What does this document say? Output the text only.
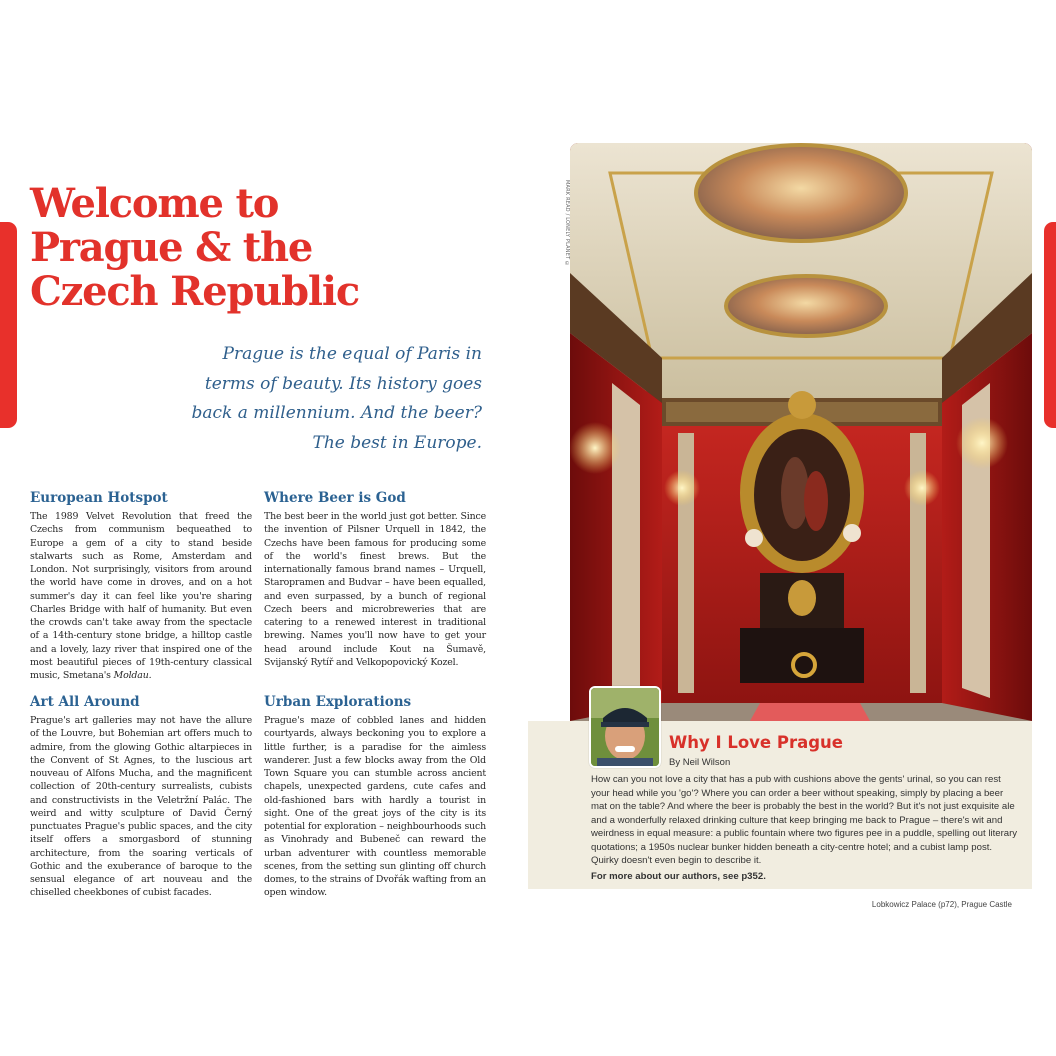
Welcome to
Prague & the
Czech Republic

Prague is the equal of Paris in
terms of beauty. Its history goes
back a millennium. And the beer?
The best in Europe.

European Hotspot

The 1989 Velvet Revolution that freed the Czechs from communism bequeathed to Europe a gem of a city to stand beside stalwarts such as Rome, Amsterdam and London. Not surprisingly, visitors from around the world have come in droves, and on a hot summer's day it can feel like you're sharing Charles Bridge with half of humanity. But even the crowds can't take away from the spectacle of a 14th-century stone bridge, a hilltop castle and a lovely, lazy river that inspired one of the most beautiful pieces of 19th-century classical music, Smetana's Moldau.

Where Beer is God

The best beer in the world just got better. Since the invention of Pilsner Urquell in 1842, the Czechs have been famous for producing some of the world's finest brews. But the internationally famous brand names – Urquell, Staropramen and Budvar – have been equalled, and even surpassed, by a bunch of regional Czech beers and microbreweries that are catering to a renewed interest in traditional brewing. Names you'll now have to get your head around include Kout na Šumavě, Svijanský Rytíř and Velkopopovický Kozel.

Art All Around

Prague's art galleries may not have the allure of the Louvre, but Bohemian art offers much to admire, from the glowing Gothic altarpieces in the Convent of St Agnes, to the luscious art nouveau of Alfons Mucha, and the magnificent collection of 20th-century surrealists, cubists and constructivists in the Veletržní Palác. The weird and witty sculpture of David Černý punctuates Prague's public spaces, and the city itself offers a smorgasbord of stunning architecture, from the soaring verticals of Gothic and the exuberance of baroque to the sensual elegance of art nouveau and the chiselled cheekbones of cubist facades.

Urban Explorations

Prague's maze of cobbled lanes and hidden courtyards, always beckoning you to explore a little further, is a paradise for the aimless wanderer. Just a few blocks away from the Old Town Square you can stumble across ancient chapels, unexpected gardens, cute cafes and old-fashioned bars with hardly a tourist in sight. One of the great joys of the city is its potential for exploration – neighbourhoods such as Vinohrady and Bubeneč can reward the urban adventurer with countless memorable scenes, from the setting sun glinting off church domes, to the strains of Dvořák wafting from an open window.

MARK READ / LONELY PLANET ©
Why I Love Prague

By Neil Wilson

How can you not love a city that has a pub with cushions above the gents' urinal, so you can rest your head while you 'go'? Where you can order a beer without speaking, simply by placing a beer mat on the table? And where the beer is probably the best in the world? But it's not just exquisite ale and a wonderfully relaxed drinking culture that keep bringing me back to Prague – there's wit and weirdness in equal measure: a public fountain where two figures pee in a puddle, spelling out literary quotations; a 1950s nuclear bunker hidden beneath a city-centre hotel; and a cubist lamp post. Quirky doesn't even begin to describe it.

For more about our authors, see p352.

Lobkowicz Palace (p72), Prague Castle
